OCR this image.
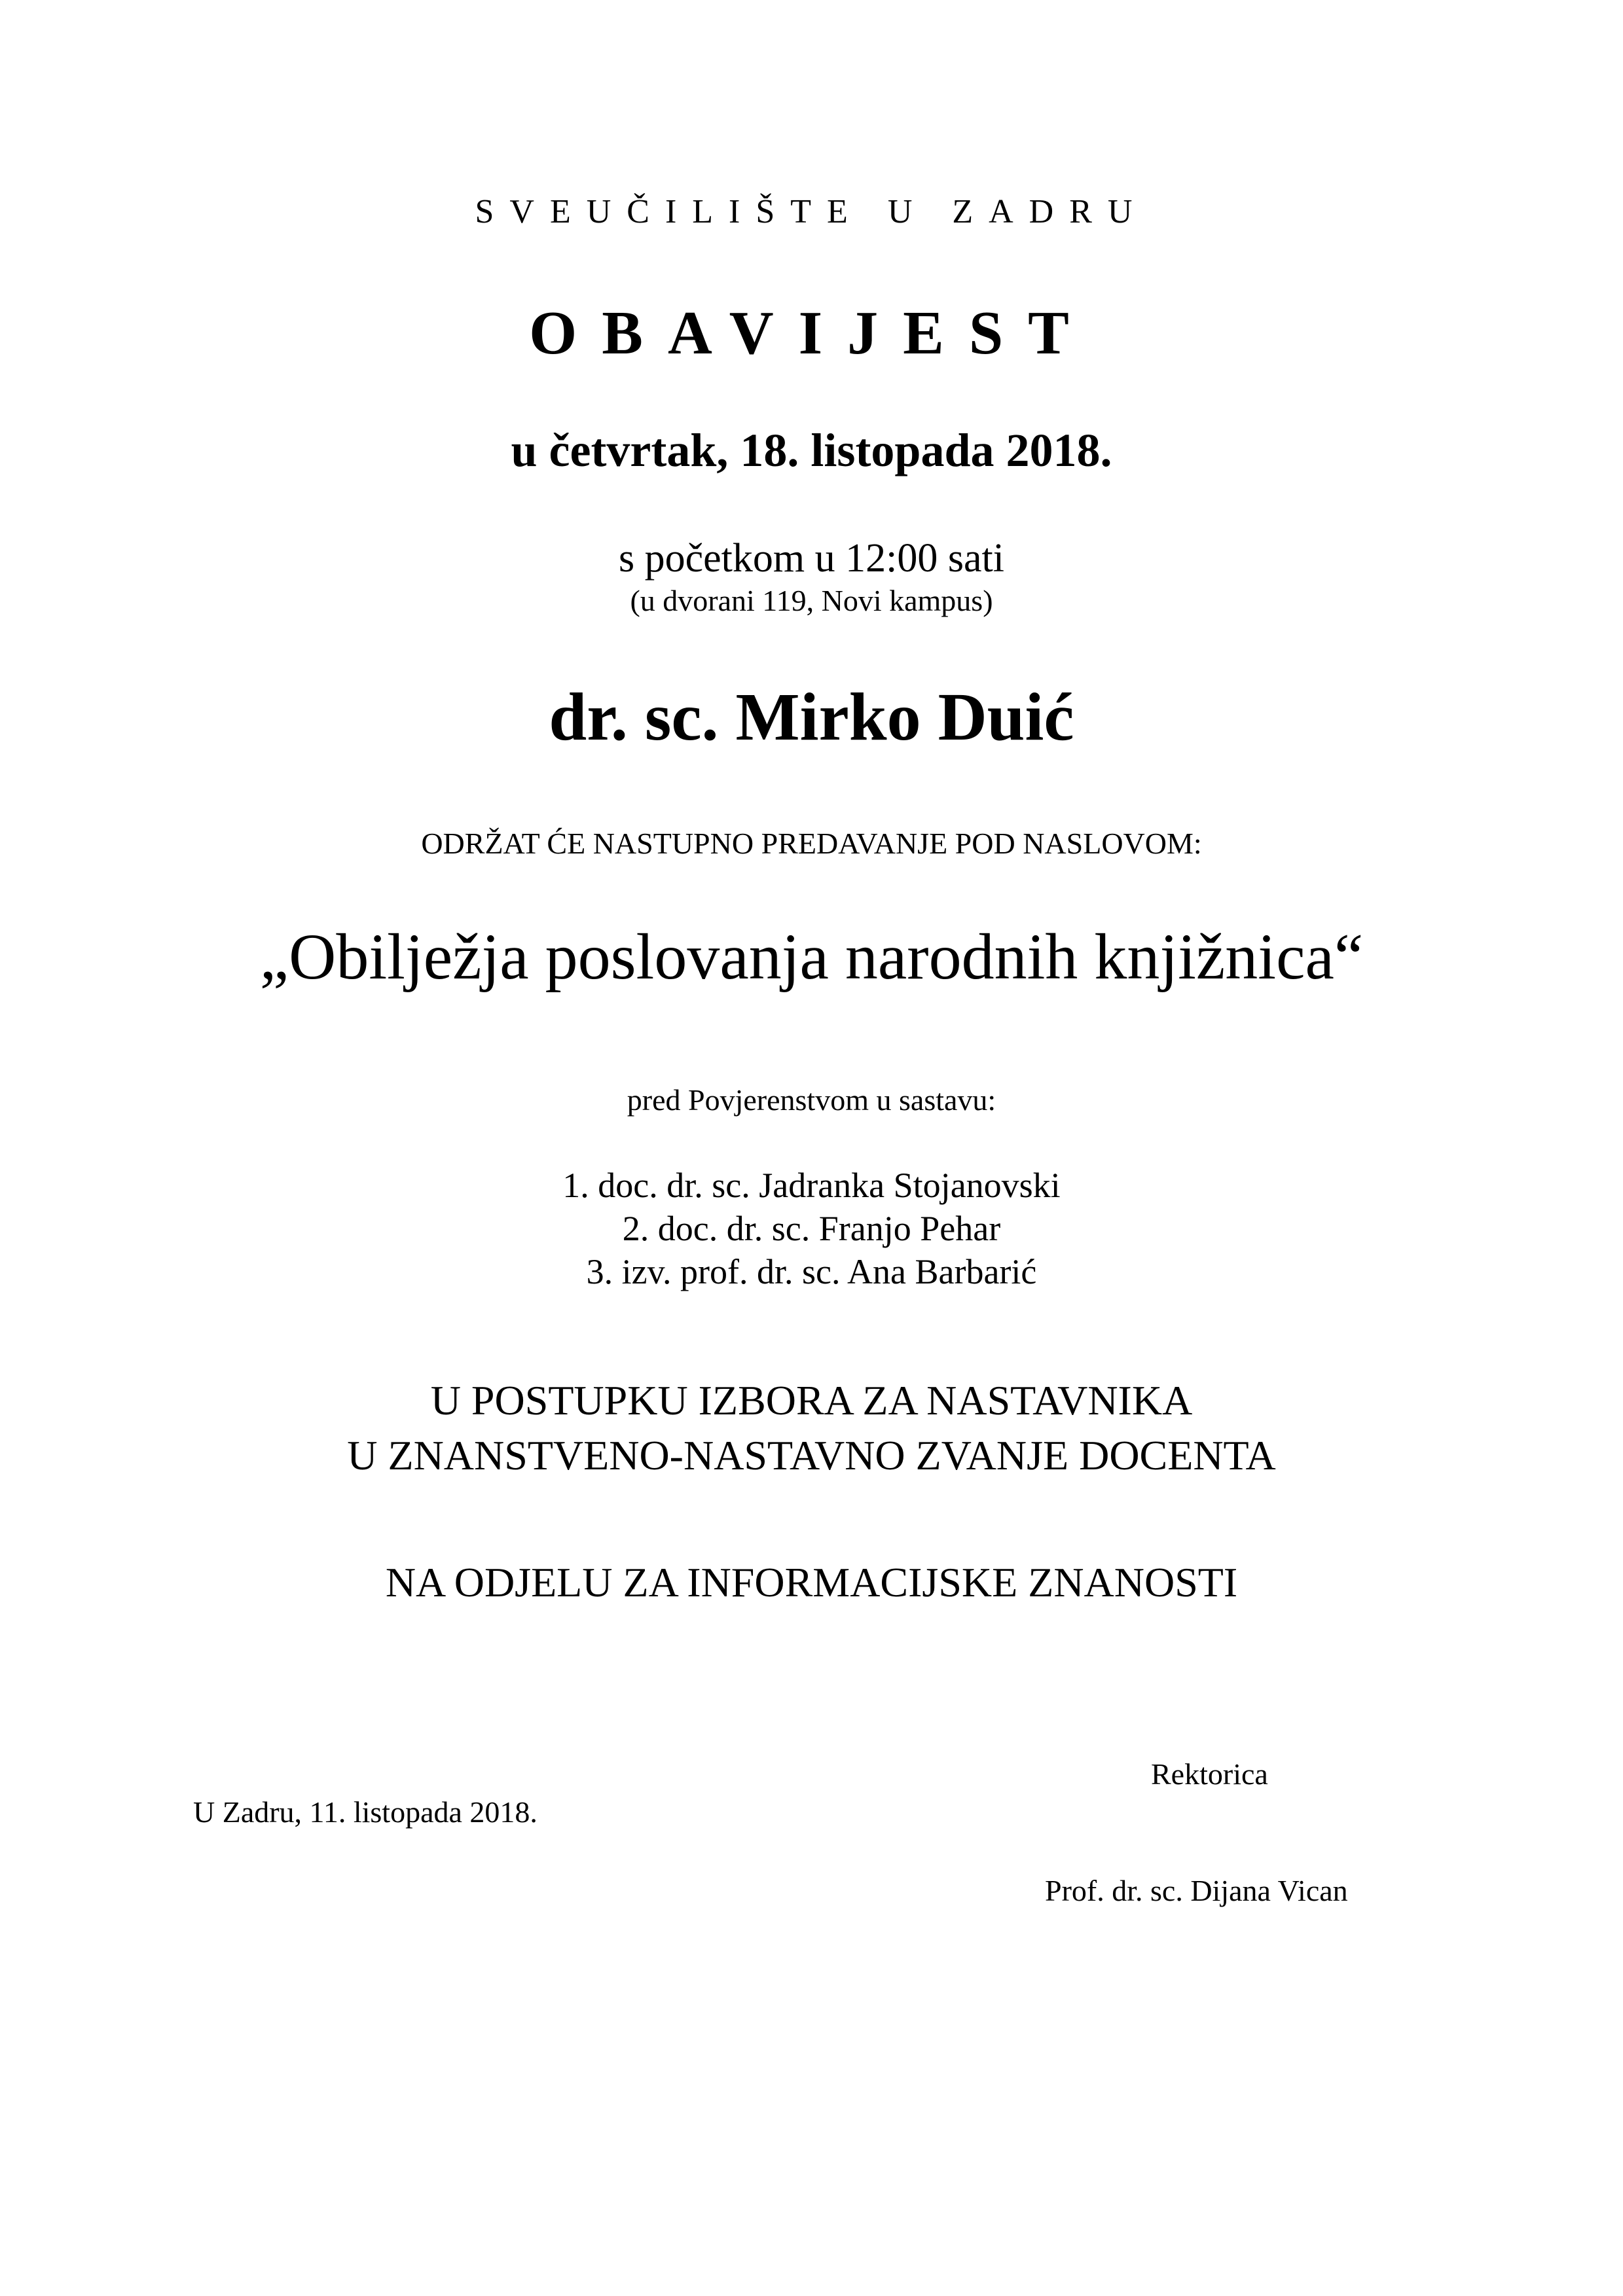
SVEUČILIŠTE U ZADRU
OBAVIJEST
u četvrtak, 18. listopada 2018.
s početkom u 12:00 sati
(u dvorani 119, Novi kampus)
dr. sc. Mirko Duić
ODRŽAT ĆE NASTUPNO PREDAVANJE POD NASLOVOM:
„Obilježja poslovanja narodnih knjižnica“
pred Povjerenstvom u sastavu:
1. doc. dr. sc. Jadranka Stojanovski
2. doc. dr. sc. Franjo Pehar
3. izv. prof. dr. sc. Ana Barbarić
U POSTUPKU IZBORA ZA NASTAVNIKA
U ZNANSTVENO-NASTAVNO ZVANJE DOCENTA
NA ODJELU ZA INFORMACIJSKE ZNANOSTI
Rektorica
U Zadru, 11. listopada 2018.
Prof. dr. sc. Dijana Vican
